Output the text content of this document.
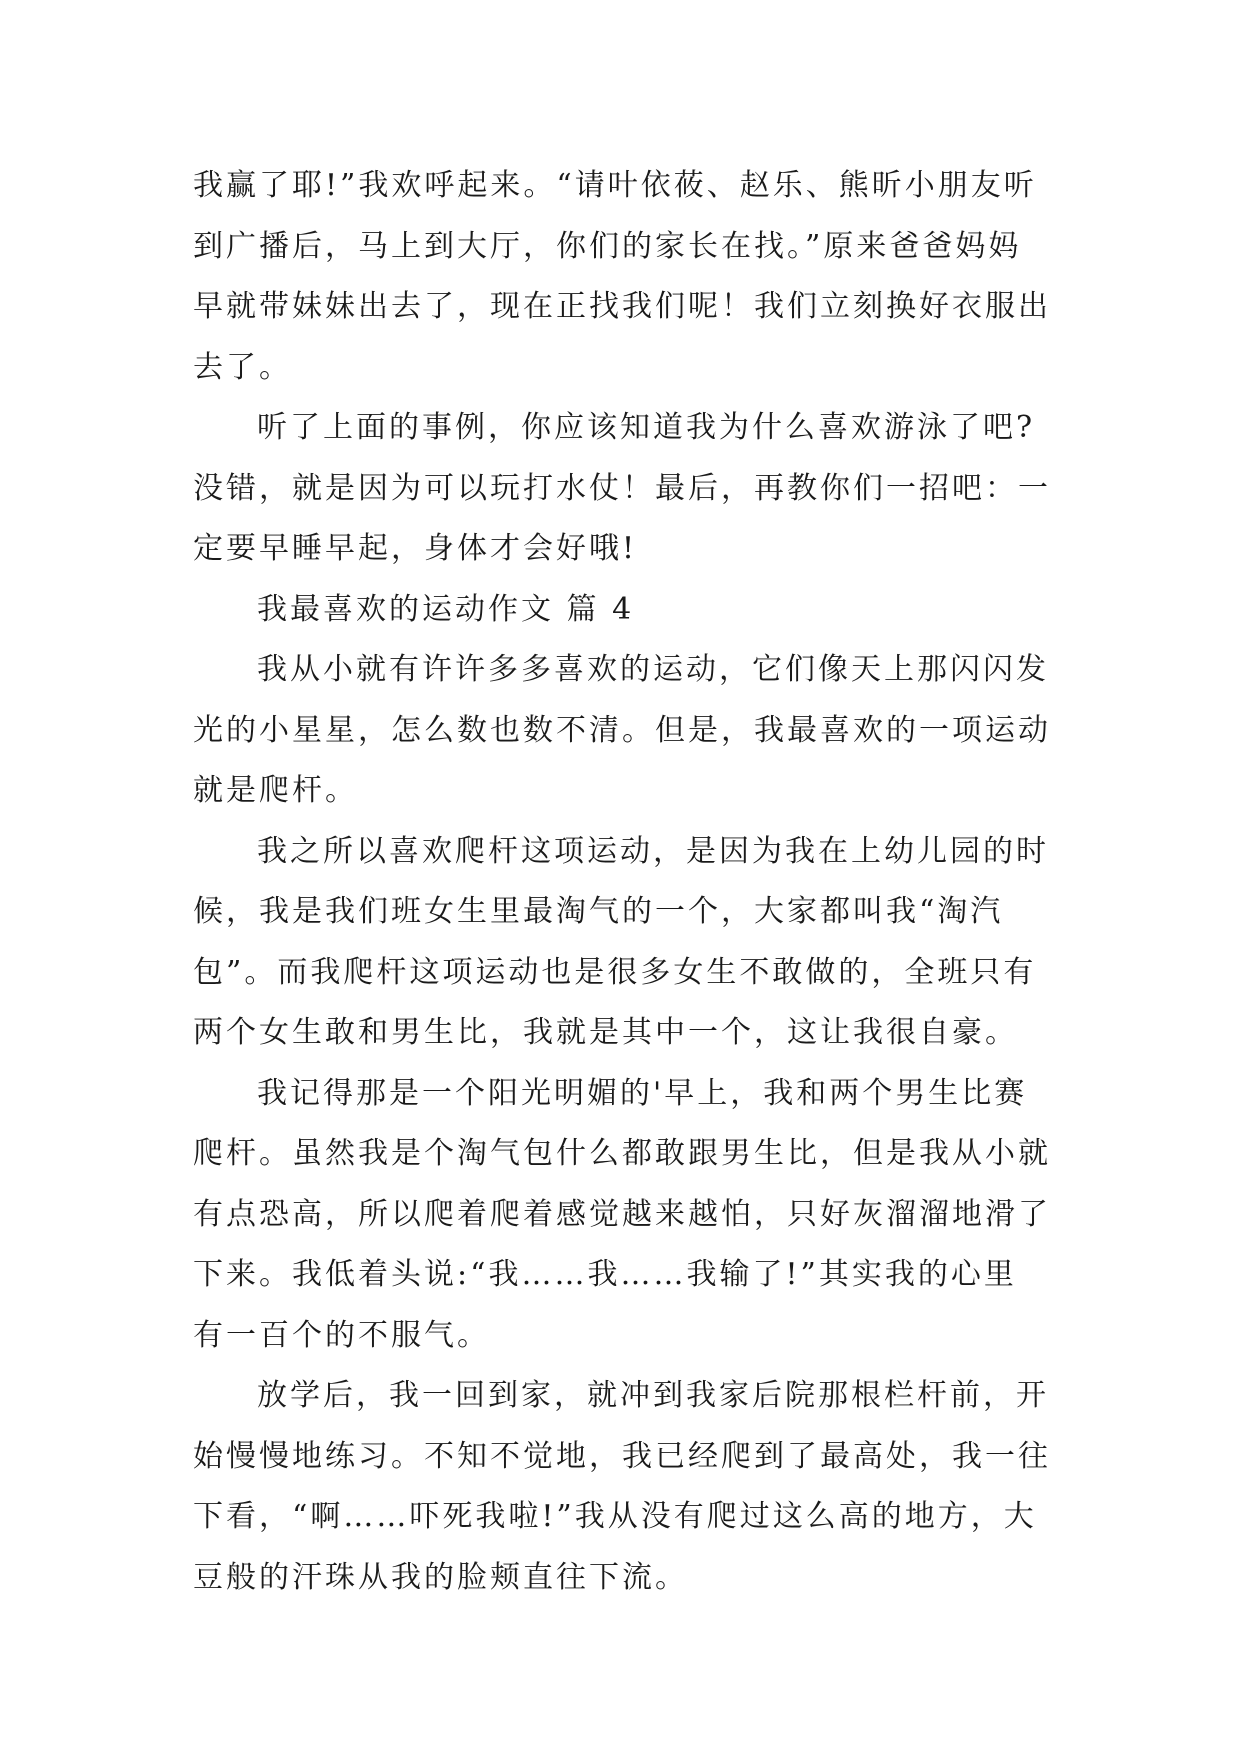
我赢了耶!”我欢呼起来。“请叶依莜、赵乐、熊昕小朋友听
到广播后，马上到大厅，你们的家长在找。”原来爸爸妈妈
早就带妹妹出去了，现在正找我们呢！我们立刻换好衣服出
去了。
听了上面的事例，你应该知道我为什么喜欢游泳了吧?
没错，就是因为可以玩打水仗！最后，再教你们一招吧：一
定要早睡早起，身体才会好哦!
我最喜欢的运动作文 篇 4
我从小就有许许多多喜欢的运动，它们像天上那闪闪发
光的小星星，怎么数也数不清。但是，我最喜欢的一项运动
就是爬杆。
我之所以喜欢爬杆这项运动，是因为我在上幼儿园的时
候，我是我们班女生里最淘气的一个，大家都叫我“淘汽
包”。而我爬杆这项运动也是很多女生不敢做的，全班只有
两个女生敢和男生比，我就是其中一个，这让我很自豪。
我记得那是一个阳光明媚的'早上，我和两个男生比赛
爬杆。虽然我是个淘气包什么都敢跟男生比，但是我从小就
有点恐高，所以爬着爬着感觉越来越怕，只好灰溜溜地滑了
下来。我低着头说:“我……我……我输了!”其实我的心里
有一百个的不服气。
放学后，我一回到家，就冲到我家后院那根栏杆前，开
始慢慢地练习。不知不觉地，我已经爬到了最高处，我一往
下看，“啊……吓死我啦!”我从没有爬过这么高的地方，大
豆般的汗珠从我的脸颊直往下流。
